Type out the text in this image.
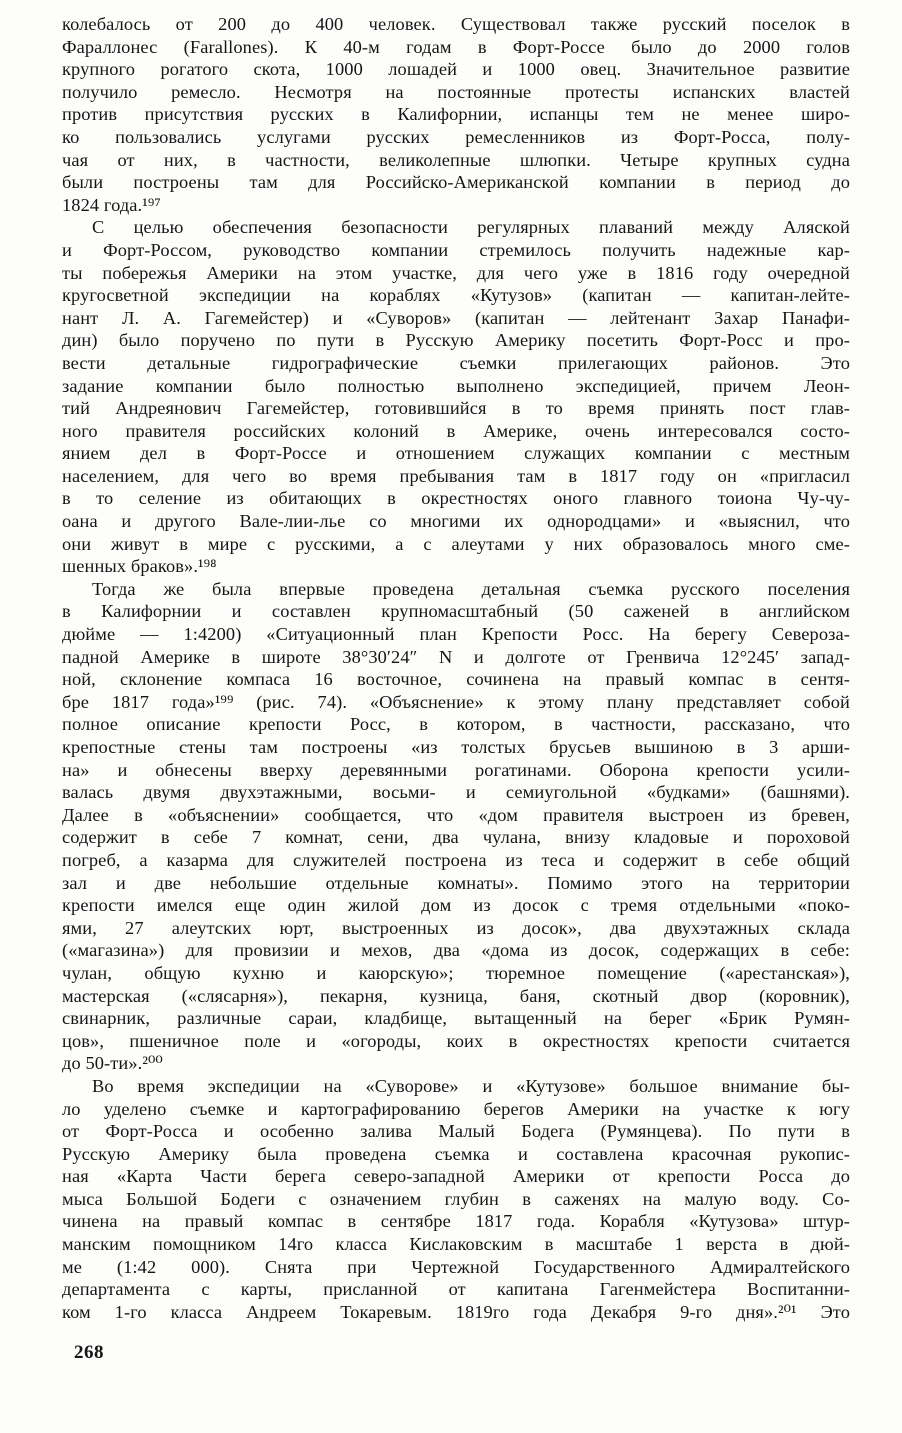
колебалось от 200 до 400 человек. Существовал также русский поселок в
Фараллонес (Farallones). К 40-м годам в Форт-Россе было до 2000 голов
крупного рогатого скота, 1000 лошадей и 1000 овец. Значительное развитие
получило ремесло. Несмотря на постоянные протесты испанских властей
против присутствия русских в Калифорнии, испанцы тем не менее широ-
ко пользовались услугами русских ремесленников из Форт-Росса, полу-
чая от них, в частности, великолепные шлюпки. Четыре крупных судна
были построены там для Российско-Американской компании в период до
1824 года.¹⁹⁷

С целью обеспечения безопасности регулярных плаваний между Аляской
и Форт-Россом, руководство компании стремилось получить надежные кар-
ты побережья Америки на этом участке, для чего уже в 1816 году очередной
кругосветной экспедиции на кораблях «Кутузов» (капитан — капитан-лейте-
нант Л. А. Гагемейстер) и «Суворов» (капитан — лейтенант Захар Панафи-
дин) было поручено по пути в Русскую Америку посетить Форт-Росс и про-
вести детальные гидрографические съемки прилегающих районов. Это
задание компании было полностью выполнено экспедицией, причем Леон-
тий Андреянович Гагемейстер, готовившийся в то время принять пост глав-
ного правителя российских колоний в Америке, очень интересовался состо-
янием дел в Форт-Россе и отношением служащих компании с местным
населением, для чего во время пребывания там в 1817 году он «пригласил
в то селение из обитающих в окрестностях оного главного тоиона Чу-чу-
оана и другого Вале-лии-лье со многими их однородцами» и «выяснил, что
они живут в мире с русскими, а с алеутами у них образовалось много сме-
шенных браков».¹⁹⁸

Тогда же была впервые проведена детальная съемка русского поселения
в Калифорнии и составлен крупномасштабный (50 саженей в английском
дюйме — 1:4200) «Ситуационный план Крепости Росс. На берегу Североза-
падной Америке в широте 38°30′24″ N и долготе от Гренвича 12°245′ запад-
ной, склонение компаса 16 восточное, сочинена на правый компас в сентя-
бре 1817 года»¹⁹⁹ (рис. 74). «Объяснение» к этому плану представляет собой
полное описание крепости Росс, в котором, в частности, рассказано, что
крепостные стены там построены «из толстых брусьев вышиною в 3 арши-
на» и обнесены вверху деревянными рогатинами. Оборона крепости усили-
валась двумя двухэтажными, восьми- и семиугольной «будками» (башнями).
Далее в «объяснении» сообщается, что «дом правителя выстроен из бревен,
содержит в себе 7 комнат, сени, два чулана, внизу кладовые и пороховой
погреб, а казарма для служителей построена из теса и содержит в себе общий
зал и две небольшие отдельные комнаты». Помимо этого на территории
крепости имелся еще один жилой дом из досок с тремя отдельными «поко-
ями, 27 алеутских юрт, выстроенных из досок», два двухэтажных склада
(«магазина») для провизии и мехов, два «дома из досок, содержащих в себе:
чулан, общую кухню и каюрскую»; тюремное помещение («арестанская»),
мастерская («слясарня»), пекарня, кузница, баня, скотный двор (коровник),
свинарник, различные сараи, кладбище, вытащенный на берег «Брик Румян-
цов», пшеничное поле и «огороды, коих в окрестностях крепости считается
до 50-ти».²⁰⁰

Во время экспедиции на «Суворове» и «Кутузове» большое внимание бы-
ло уделено съемке и картографированию берегов Америки на участке к югу
от Форт-Росса и особенно залива Малый Бодега (Румянцева). По пути в
Русскую Америку была проведена съемка и составлена красочная рукопис-
ная «Карта Части берега северо-западной Америки от крепости Росса до
мыса Большой Бодеги с означением глубин в саженях на малую воду. Со-
чинена на правый компас в сентябре 1817 года. Корабля «Кутузова» штур-
манским помощником 14го класса Кислаковским в масштабе 1 верста в дюй-
ме (1:42 000). Снята при Чертежной Государственного Адмиралтейского
департамента с карты, присланной от капитана Гагенмейстера Воспитанни-
ком 1-го класса Андреем Токаревым. 1819го года Декабря 9-го дня».²⁰¹ Это

268
